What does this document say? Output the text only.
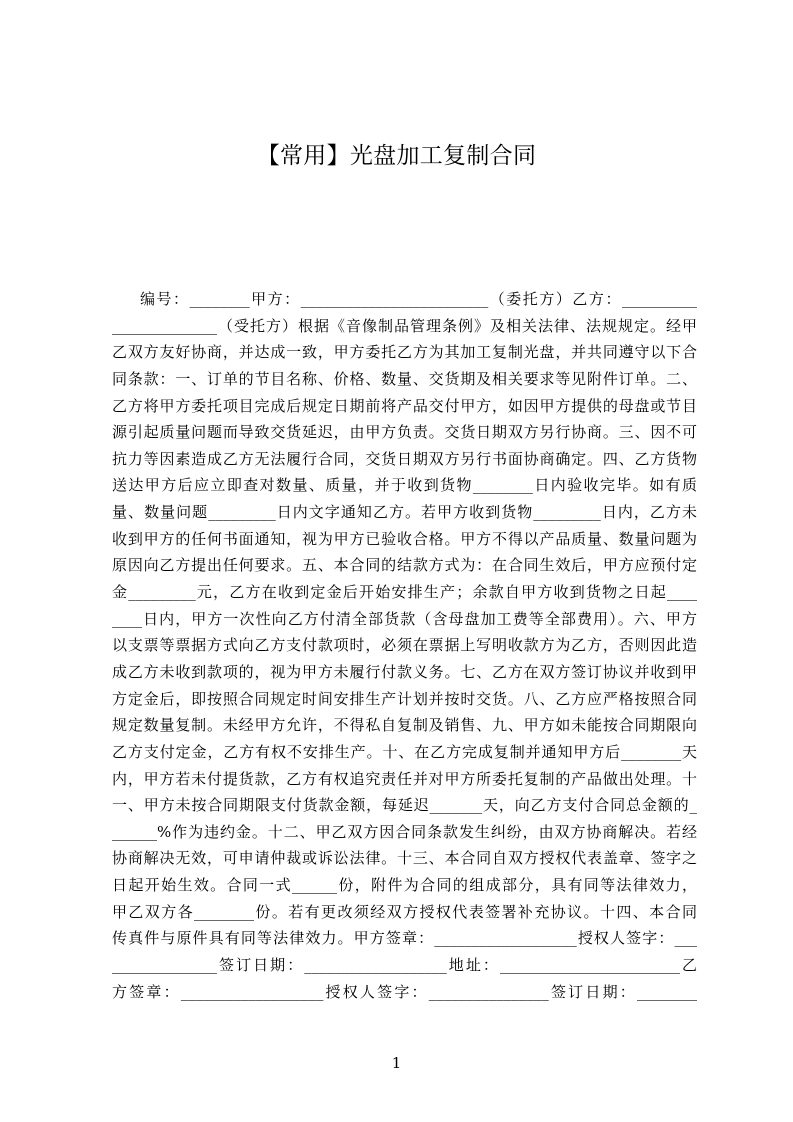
【常用】光盘加工复制合同
编号：________甲方：_________________________（委托方）乙方：__________
______________（受托方）根据《音像制品管理条例》及相关法律、法规规定。经甲
乙双方友好协商，并达成一致，甲方委托乙方为其加工复制光盘，并共同遵守以下合
同条款：一、订单的节目名称、价格、数量、交货期及相关要求等见附件订单。二、
乙方将甲方委托项目完成后规定日期前将产品交付甲方，如因甲方提供的母盘或节目
源引起质量问题而导致交货延迟，由甲方负责。交货日期双方另行协商。三、因不可
抗力等因素造成乙方无法履行合同，交货日期双方另行书面协商确定。四、乙方货物
送达甲方后应立即查对数量、质量，并于收到货物________日内验收完毕。如有质
量、数量问题_________日内文字通知乙方。若甲方收到货物_________日内，乙方未
收到甲方的任何书面通知，视为甲方已验收合格。甲方不得以产品质量、数量问题为
原因向乙方提出任何要求。五、本合同的结款方式为：在合同生效后，甲方应预付定
金_________元，乙方在收到定金后开始安排生产；余款自甲方收到货物之日起____
____日内，甲方一次性向乙方付清全部货款（含母盘加工费等全部费用）。六、甲方
以支票等票据方式向乙方支付款项时，必须在票据上写明收款方为乙方，否则因此造
成乙方未收到款项的，视为甲方未履行付款义务。七、乙方在双方签订协议并收到甲
方定金后，即按照合同规定时间安排生产计划并按时交货。八、乙方应严格按照合同
规定数量复制。未经甲方允许，不得私自复制及销售、九、甲方如未能按合同期限向
乙方支付定金，乙方有权不安排生产。十、在乙方完成复制并通知甲方后________天
内，甲方若未付提货款，乙方有权追究责任并对甲方所委托复制的产品做出处理。十
一、甲方未按合同期限支付货款金额，每延迟_______天，向乙方支付合同总金额的_
______%作为违约金。十二、甲乙双方因合同条款发生纠纷，由双方协商解决。若经
协商解决无效，可申请仲裁或诉讼法律。十三、本合同自双方授权代表盖章、签字之
日起开始生效。合同一式______份，附件为合同的组成部分，具有同等法律效力，
甲乙双方各________份。若有更改须经双方授权代表签署补充协议。十四、本合同
传真件与原件具有同等法律效力。甲方签章：___________________授权人签字：___
______________签订日期：___________________地址：________________________乙
方签章：___________________授权人签字：________________签订日期：________
1
